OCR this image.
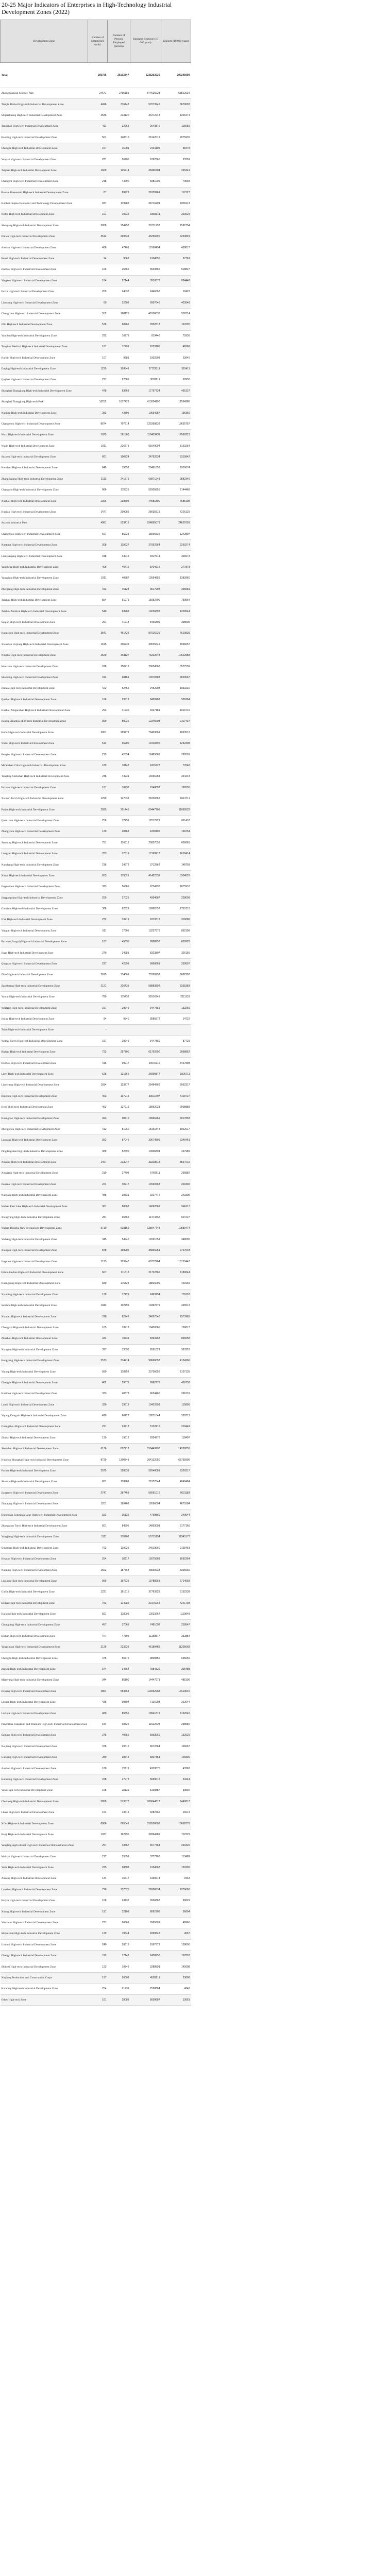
20-25 Major Indicators of Enterprises in High-Technology Industrial
Development Zones (2022)
Development Zone	Number of Enterprises (unit)	Number of Persons Employed (person)	Business Revenue (10 000 yuan)	Exports (10 000 yuan)
Total	205796	2615384?	5235263930	390245999
Zhongguancun Science Park	24671	2795183	874626623	53522634
Tianjin Binhai High-tech Industrial Development Zone	4496	316442	57073945	3679692
Shijiazhuang High-tech Industrial Development Zone	2536	213120	34272243	1206474
Tangshan High-tech Industrial Development Zone	411	22964	2643876	115659
Baoding High-tech Industrial Development Zone	561	148610	26142019	2075935
Chengde High-tech Industrial Development Zone	157	16001	2434195	58478
Yanjiao High-tech Industrial Development Zone	281	26705	6767665	93399
Taiyuan High-tech Industrial Development Zone	1669	145214	38496704	265341
Changzhi High-tech Industrial Development Zone	218	44690	5981096	79993
Baotou Rare-earth High-tech Industrial Development Zone	87	89928	21839961	112127
Hohhot Jinqiao Economic and Technology Development Zone	937	119282	38716201	1069113
Ordos High-tech Industrial Development Zone	101	19235	1868311	320924
Shenyang High-tech Industrial Development Zone	2008	154257	29771997	1592754
Dalian High-tech Industrial Development Zone	3512	269838	46256690	6253891
Anshan High-tech Industrial Development Zone	486	47461	10168494	438817
Benxi High-tech Industrial Development Zone	94	9063	6104650	37761
Jinzhou High-tech Industrial Development Zone	166	25366	3533866	518827
Yingkou High-tech Industrial Development Zone	184	22144	3910578	824448
Fuxin High-tech Industrial Development Zone	209	24037	2446066	19422
Liaoyang High-tech Industrial Development Zone	60	22603	6997646	403548
Changchun High-tech Industrial Development Zone	552	168120	48100033	558714
Jilin High-tech Industrial Development Zone	576	60965	7802818	167695
Yanbian High-tech Industrial Development Zone	292	16278	819446	75936
Tonghua Medical High-tech Industrial Development Zone	167	12991	1829186	46269
Harbin High-tech Industrial Development Zone	107	9281	1902903	23640
Daqing High-tech Industrial Development Zone	1239	109541	27729311	315411
Qiqihar High-tech Industrial Development Zone	227	22886	3092811	60950
Shanghai Zhangjiang High-tech Industrial Development Zone	478	63669	17757724	491927
Shanghai Zhangjiang High-tech Park	16252	1677423	413054190	12594286
Nanjing High-tech Industrial Development Zone	283	43805	10664987	195360
Changzhou High-tech Industrial Development Zone	8674	707914	125358839	13635757
Wuxi High-tech Industrial Development Zone	1625	361860	119433431	17966223
Wujin High-tech Industrial Development Zone	1011	226778	51649094	8163264
Suzhou High-tech Industrial Development Zone	661	100724	24752634	3315842
Kunshan High-tech Industrial Development Zone	649	79652	20401653	1930674
Zhangjiagang High-tech Industrial Development Zone	2113	241879	66871248	9882340
Changshu High-tech Industrial Development Zone	966	175625	52905855	7144468
Xuzhou High-tech Industrial Development Zone	2366	238609	44581890	7685105
Huai'an High-tech Industrial Development Zone	1477	209082	28035515	7226129
Suzhou Industrial Park	4081	523416	154865079	24629703
Changzhou High-tech Industrial Development Zone	697	86234	15596532	1242807
Nantong High-tech Industrial Development Zone	308	118927	27062964	2260274
Lianyungang High-tech Industrial Development Zone	318	34943	8427011	366973
Yancheng High-tech Industrial Development Zone	406	40416	8704615	377878
Yangzhou High-tech Industrial Development Zone	1011	40887	12664859	1383960
Zhenjiang High-tech Industrial Development Zone	442	45124	9617993	365581
Taizhou High-tech Industrial Development Zone	554	61973	15052700	759564
Taizhou Medical High-tech Industrial Development Zone	540	63983	19236892	1209544
Suqian High-tech Industrial Development Zone	291	41214	8466809	398509
Hangzhou High-tech Industrial Development Zone	3541	461429	87026225	7619535
Xiaoshan Linjiang High-tech Industrial Development Zone	1615	206239	39535649	4966657
Ningbo High-tech Industrial Development Zone	2529	361127	76232648	10622988
Wenzhou High-tech Industrial Development Zone	978	150713	20654586	3577599
Shaoxing High-tech Industrial Development Zone	314	68161	13978788	2829067
Jinhua High-tech Industrial Development Zone	422	52459	9452903	1033230
Quzhou High-tech Industrial Development Zone	166	29518	8420282	526364
Huzhou Moganshan High-tech Industrial Development Zone	293	41930	9427181	1016716
Jiaxing Xiuzhou High-tech Industrial Development Zone	360	50226	12345608	2107437
Hefei High-tech Industrial Development Zone	2061	299478	76403661	4063512
Wuhu High-tech Industrial Development Zone	514	66900	13418396	1232308
Bengbu High-tech Industrial Development Zone	215	42094	12465663	290501
Ma'anshan Cihu High-tech Industrial Development Zone	180	18142	2476727	77648
Tongling Shizishan High-tech Industrial Development Zone	248	44931	16066254	324243
Fuzhou High-tech Industrial Development Zone	161	16933	6148097	186556
Xiamen Torch High-tech Industrial Development Zone	1290	147038	21836566	1613711
Putian High-tech Industrial Development Zone	2025	301445	69447706	11069522
Quanzhou High-tech Industrial Development Zone	256	72251	12212929	611437
Zhangzhou High-tech Industrial Development Zone	129	20468	4338105	161054
Sanming High-tech Industrial Development Zone	751	116816	20857053	606063
Longyan High-tech Industrial Development Zone	783	37819	17169217	1616414
Nanchang High-tech Industrial Development Zone	216	24672	3712862	148703
Xinyu High-tech Industrial Development Zone	953	175021	41422339	3304529
Jingdezhen High-tech Industrial Development Zone	323	56666	9734790	1675937
Jinggangshan High-tech Industrial Development Zone	259	27025	4994687	228009
Ganzhou High-tech Industrial Development Zone	306	82529	16982857	2715110
Ji'an High-tech Industrial Development Zone	232	33219	6319313	316086
Yingtan High-tech Industrial Development Zone	511	17605	13227676	852198
Fuzhou (Jiangxi) High-tech Industrial Development Zone	167	45695	9988953	639928
Jinan High-tech Industrial Development Zone	279	34981	8323807	326155
Qingdao High-tech Industrial Development Zone	237	42398	9960661	230697
Zibo High-tech Industrial Development Zone	2615	314669	70399952	6682290
Zaozhuang High-tech Industrial Development Zone	2121	226439	58883892	3355383
Yantai High-tech Industrial Development Zone	780	175432	32916743	2111133
Weifang High-tech Industrial Development Zone	197	29642	3447859	152266
Jining High-tech Industrial Development Zone	84	9340	3586572	14722
Taian High-tech Industrial Development Zone	-			
Weihai Torch High-tech Industrial Development Zone	197	29642	5447860	87729
Rizhao High-tech Industrial Development Zone	723	257700	61792990	9998852
Dezhou High-tech Industrial Development Zone	416	99917	20046116	3467898
Linyi High-tech Industrial Development Zone	625	121666	36999877	1826711
Liaocheng High-tech Industrial Development Zone	1034	133777	26464266	2062317
Binzhou High-tech Industrial Development Zone	463	137913	33611697	4109727
Heze High-tech Industrial Development Zone	463	127919	18962033	2008889
Huangdao High-tech Industrial Development Zone	493	88110	18966269	3017893
Zhengzhou High-tech Industrial Development Zone	412	81960	18161544	1062617
Luoyang High-tech Industrial Development Zone	352	87046	30674896	2346461
Pingdingshan High-tech Industrial Development Zone	389	52690	13906894	437989
Anyang High-tech Industrial Development Zone	1467	213947	33318618	5564719
Xinxiang High-tech Industrial Development Zone	210	37408	6766611	265882
Jiaozuo High-tech Industrial Development Zone	224	40217	14593763	200402
Nanyang High-tech Industrial Development Zone	485	38531	9227472	343305
Wuhan East Lake High-tech Industrial Development Zone	301	68062	14062669	546117
Xiangyang High-tech Industrial Development Zone	281	66862	11474362	604727
Wuhan Donghu New Technology Development Zone	3710	628162	138047743	10889474
Yichang High-tech Industrial Development Zone	345	54940	12091051	348096
Xiaogan High-tech Industrial Development Zone	878	169906	35866951	2767648
Jingmen High-tech Industrial Development Zone	1123	229947	69772264	10155447
Ezhou Gedian High-tech Industrial Development Zone	607	111513	21722365	1180644
Huanggang High-tech Industrial Development Zone	680	175324	18826099	429169
Xianning High-tech Industrial Development Zone	130	17429	2493294	171697
Suizhou High-tech Industrial Development Zone	1042	102799	19492779	465513
Xiantao High-tech Industrial Development Zone	378	82743	24697346	1573963
Changsha High-tech Industrial Development Zone	165	33918	10436566	156817
Zhuzhou High-tech Industrial Development Zone	434	78731	8363268	866558
Xiangtan High-tech Industrial Development Zone	397	33090	8591029	363228
Hengyang High-tech Industrial Development Zone	2573	374214	99666057	4154266
Yiyang High-tech Industrial Development Zone	580	118752	23736656	1107135
Changde High-tech Industrial Development Zone	482	59378	9962778	439750
Huaihua High-tech Industrial Development Zone	333	40578	6624460	266131
Loudi High-tech Industrial Development Zone	320	33619	10422999	115896
Yiyang Dongxin High-tech Industrial Development Zone	478	66227	19231044	330713
Guangzhou High-tech Industrial Development Zone	221	23713	5132416	219449
Zhuhai High-tech Industrial Development Zone	130	19812	2924776	118407
Shenzhen High-tech Industrial Development Zone	6136	807712	150449990	14328053
Huizhou Zhongkai High-tech Industrial Development Zone	8729	1300741	264132050	65755996
Foshan High-tech Industrial Development Zone	2575	328631	52640081	8326317
Shantou High-tech Industrial Development Zone	651	118961	21957044	4049484
Jiangmen High-tech Industrial Development Zone	2747	287468	56061016	6631183
Zhaoqing High-tech Industrial Development Zone	1201	189463	19596004	4875384
Dongguan Songshan Lake High-tech Industrial Development Zone	323	35136	4769860	249644
Zhongshan Torch High-tech Industrial Development Zone	601	84996	14893001	2177166
Yangjiang High-tech Industrial Development Zone	1111	278702	55715154	11543177
Qingyuan High-tech Industrial Development Zone	763	119222	24519960	9165463
Heyuan High-tech Industrial Development Zone	254	58117	15075668	1692264
Nanning High-tech Industrial Development Zone	1562	187764	43560938	3396065
Liuzhou High-tech Industrial Development Zone	996	167622	19788963	6714068
Guilin High-tech Industrial Development Zone	1221	161615	37763928	5152338
Beihai High-tech Industrial Development Zone	753	114982	20176264	4241703
Haikou High-tech Industrial Development Zone	591	118099	12033262	1119948
Chongqing High-tech Industrial Development Zone	457	37063	7461098	218547
Bishan High-tech Industrial Development Zone	477	47593	11168577	352884
Yongchuan High-tech Industrial Development Zone	2126	223229	46189485	11205068
Chengdu High-tech Industrial Development Zone	475	56776	9800856	645656
Zigong High-tech Industrial Development Zone	374	34764	7884320	396488
Mianyang High-tech Industrial Development Zone	344	85100	14447973	485106
Deyang High-tech Industrial Development Zone	4864	554864	116062968	17613040
Leshan High-tech Industrial Development Zone	435	90894	7101003	262644
Luzhou High-tech Industrial Development Zone	480	85856	18941813	1162046
Panzhihua Vanadium and Titanium High-tech Industrial Development Zone	644	68326	11622628	238980
Suining High-tech Industrial Development Zone	275	40656	5993060	152026
Neijiang High-tech Industrial Development Zone	376	49615	6672664	166067
Guiyang High-tech Industrial Development Zone	280	38644	5807351	145800
Anshun High-tech Industrial Development Zone	180	25811	4303870	43262
Kunming High-tech Industrial Development Zone	228	27973	5669012	54244
Yuxi High-tech Industrial Development Zone	165	28139	5160887	30892
Chuxiong High-tech Industrial Development Zone	5858	513677	106044617	8440817
Lhasa High-tech Industrial Development Zone	164	13619	3282766	16613
Xi'an High-tech Industrial Development Zone	6966	665041	158506606	10668776
Baoji High-tech Industrial Development Zone	1027	162795	32864789	712329
Yangling Agricultural High-tech Industries Demonstration Zone	257	43567	6577464	241826
Weinan High-tech Industrial Development Zone	217	35559	3777768	113489
Yulin High-tech Industrial Development Zone	225	28808	6154567	150296
Ankang High-tech Industrial Development Zone	134	16617	3160614	9463
Lanzhou High-tech Industrial Development Zone	776	137575	22606534	1276660
Baiyin High-tech Industrial Development Zone	166	23432	3936867	90629
Xining High-tech Industrial Development Zone	191	32109	8062706	36604
Yinchuan High-tech Industrial Development Zone	227	26669	6565601	49960
Shizuishan High-tech Industrial Development Zone	129	19544	1869848	4067
Urumqi High-tech Industrial Development Zone	240	28616	8167773	128600
Changji High-tech Industrial Development Zone	112	17142	2458950	107897
Shihezi High-tech Industrial Development Zone	123	19742	3288591	142608
Xinjiang Production and Construction Corps	197	26003	4583811	23808
Karamay High-tech Industrial Development Zone	254	21739	2598864	4048
Other High-tech Zone	161	28083	5609687	13661
